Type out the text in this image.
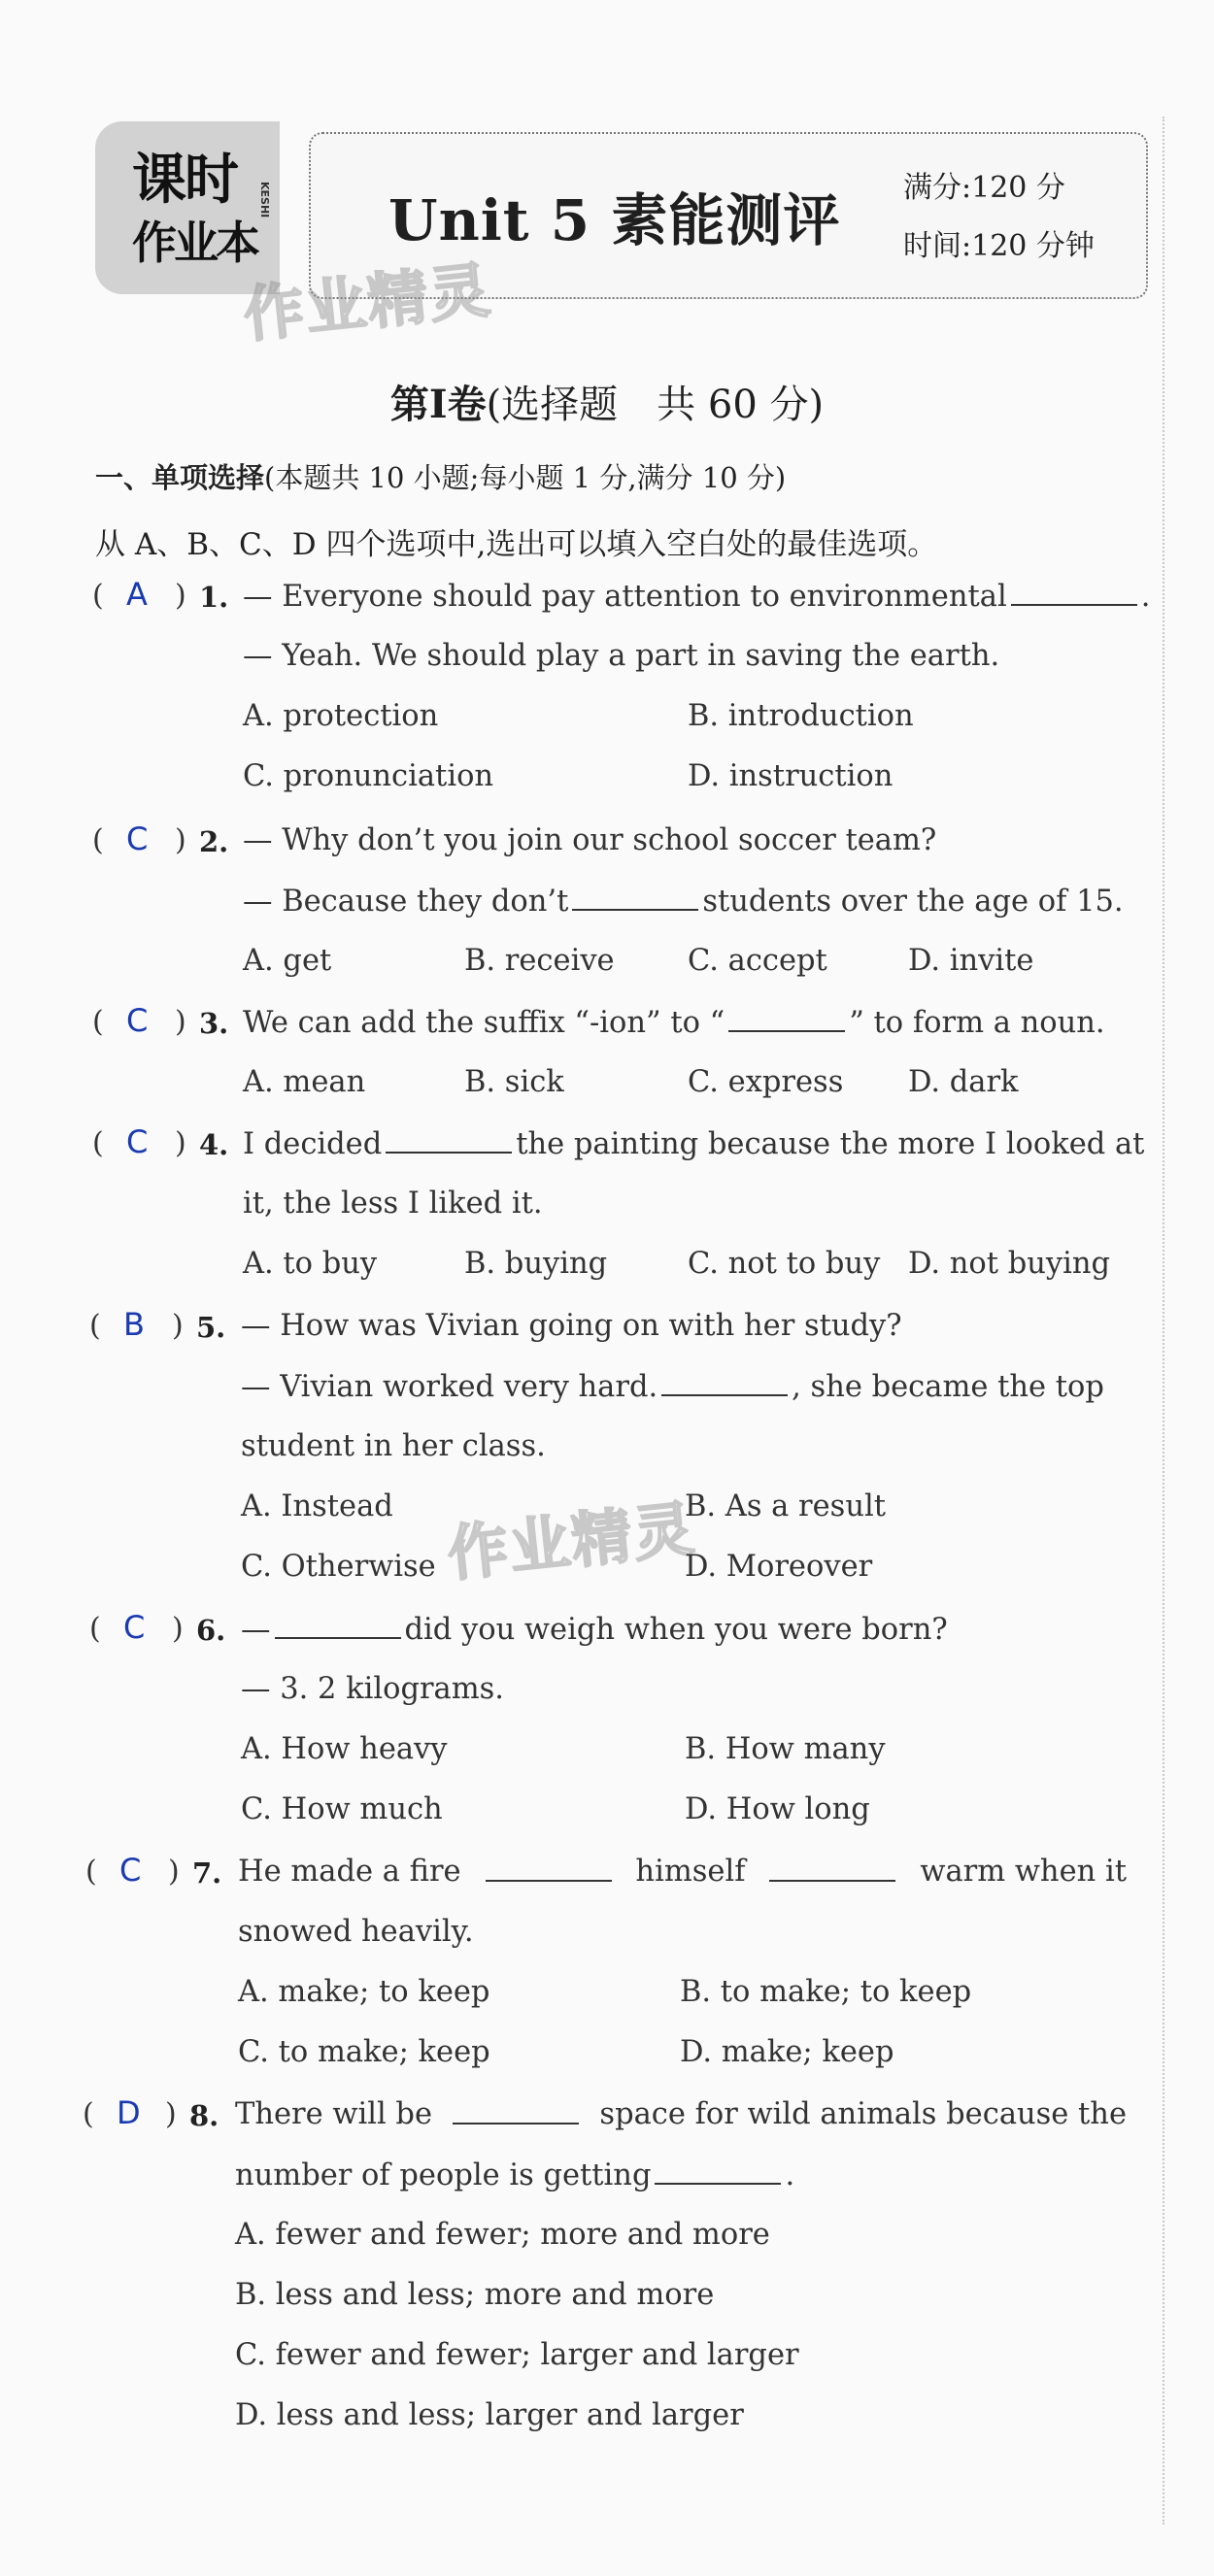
课时
作业本
KESHI Unit 5 素能测评 满分:120 分
时间:120 分钟
作业精灵
作业精灵
第Ⅰ卷(选择题　共 60 分)
一、单项选择(本题共 10 小题;每小题 1 分,满分 10 分)
从 A、B、C、D 四个选项中,选出可以填入空白处的最佳选项。
( A ) 1. — Everyone should pay attention to environmental	.
— Yeah. We should play a part in saving the earth.
A. protection	B. introduction
C. pronunciation	D. instruction
( C ) 2. — Why don’t you join our school soccer team?
— Because they don’t	students over the age of 15.
A. get	B. receive C. accept	D. invite
( C ) 3. We can add the suffix “-ion” to “	” to form a noun.
A. mean	B. sick	C. express D. dark
( C ) 4. I decided	the painting because the more I looked at
it, the less I liked it.
A. to buy	B. buying	C. not to buy D. not buying
( B ) 5. — How was Vivian going on with her study?
— Vivian worked very hard.	, she became the top
student in her class.
A. Instead	B. As a result
C. Otherwise	D. Moreover
( C ) 6. —	did you weigh when you were born?
— 3. 2 kilograms.
A. How heavy	B. How many
C. How much	D. How long
( C ) 7. He made a fire	himself	warm when it
snowed heavily.
A. make; to keep	B. to make; to keep
C. to make; keep	D. make; keep
( D ) 8. There will be	space for wild animals because the
number of people is getting	.
A. fewer and fewer; more and more
B. less and less; more and more
C. fewer and fewer; larger and larger
D. less and less; larger and larger
